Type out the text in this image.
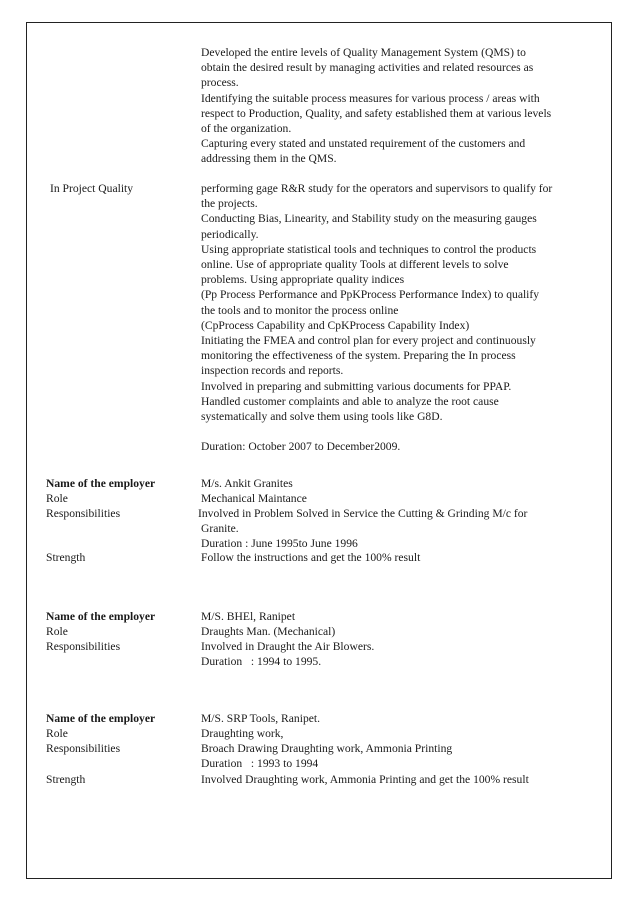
Developed the entire levels of Quality Management System (QMS) to
obtain the desired result by managing activities and related resources as
process.
Identifying the suitable process measures for various process / areas with
respect to Production, Quality, and safety established them at various levels
of the organization.
Capturing every stated and unstated requirement of the customers and
addressing them in the QMS.
In Project Quality	performing gage R&R study for the operators and supervisors to qualify for
the projects.
Conducting Bias, Linearity, and Stability study on the measuring gauges
periodically.
Using appropriate statistical tools and techniques to control the products
online. Use of appropriate quality Tools at different levels to solve
problems. Using appropriate quality indices
(Pp Process Performance and PpKProcess Performance Index) to qualify
the tools and to monitor the process online
(CpProcess Capability and CpKProcess Capability Index)
Initiating the FMEA and control plan for every project and continuously
monitoring the effectiveness of the system. Preparing the In process
inspection records and reports.
Involved in preparing and submitting various documents for PPAP.
Handled customer complaints and able to analyze the root cause
systematically and solve them using tools like G8D.
Duration: October 2007 to December2009.
Name of the employer	M/s. Ankit Granites
Role	Mechanical Maintance
Responsibilities	Involved in Problem Solved in Service the Cutting & Grinding M/c for
Granite.
Duration : June 1995to June 1996
Strength	Follow the instructions and get the 100% result
Name of the employer	M/S. BHEl, Ranipet
Role	Draughts Man. (Mechanical)
Responsibilities	Involved in Draught the Air Blowers.
Duration   : 1994 to 1995.
Name of the employer	M/S. SRP Tools, Ranipet.
Role	Draughting work,
Responsibilities	Broach Drawing Draughting work, Ammonia Printing
Duration   : 1993 to 1994
Strength	Involved Draughting work, Ammonia Printing and get the 100% result
